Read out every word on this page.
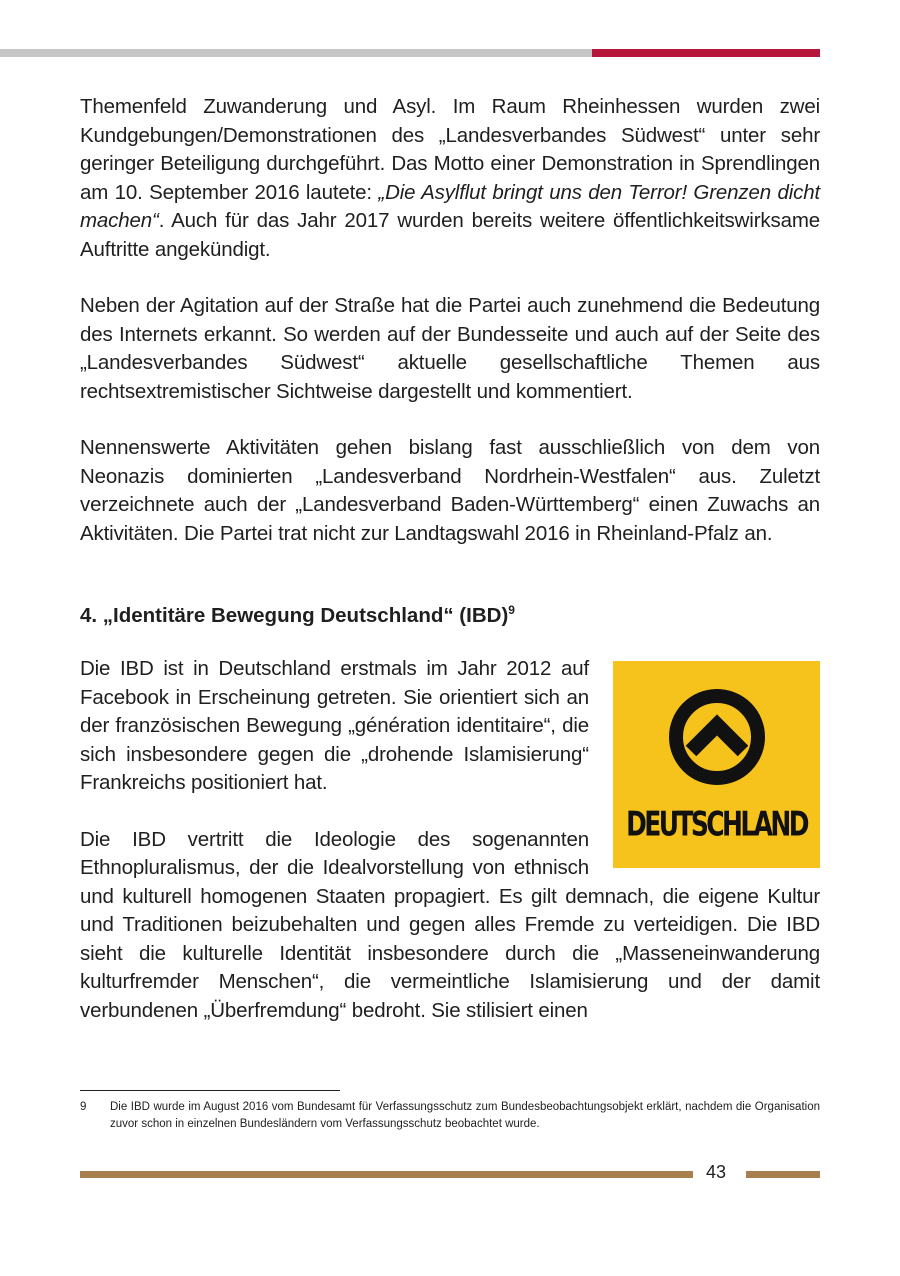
Themenfeld Zuwanderung und Asyl. Im Raum Rheinhessen wurden zwei Kundgebungen/Demonstrationen des „Landesverbandes Südwest“ unter sehr geringer Beteiligung durchgeführt. Das Motto einer Demonstration in Sprendlingen am 10. September 2016 lautete: „Die Asylflut bringt uns den Terror! Grenzen dicht machen“. Auch für das Jahr 2017 wurden bereits weitere öffentlichkeitswirksame Auftritte angekündigt.

Neben der Agitation auf der Straße hat die Partei auch zunehmend die Bedeutung des Internets erkannt. So werden auf der Bundesseite und auch auf der Seite des „Landesverbandes Südwest“ aktuelle gesellschaftliche Themen aus rechtsextremistischer Sichtweise dargestellt und kommentiert.

Nennenswerte Aktivitäten gehen bislang fast ausschließlich von dem von Neonazis dominierten „Landesverband Nordrhein-Westfalen“ aus. Zuletzt verzeichnete auch der „Landesverband Baden-Württemberg“ einen Zuwachs an Aktivitäten. Die Partei trat nicht zur Landtagswahl 2016 in Rheinland-Pfalz an.

4. „Identitäre Bewegung Deutschland“ (IBD)$^9$

DEUTSCHLAND
Die IBD ist in Deutschland erstmals im Jahr 2012 auf Facebook in Erscheinung getreten. Sie orientiert sich an der französischen Bewegung „génération identitaire“, die sich insbesondere gegen die „drohende Islamisierung“ Frankreichs positioniert hat.

Die IBD vertritt die Ideologie des sogenannten Ethnopluralismus, der die Idealvorstellung von ethnisch und kulturell homogenen Staaten propagiert. Es gilt demnach, die eigene Kultur und Traditionen beizubehalten und gegen alles Fremde zu verteidigen. Die IBD sieht die kulturelle Identität insbesondere durch die „Masseneinwanderung kulturfremder Menschen“, die vermeintliche Islamisierung und der damit verbundenen „Überfremdung“ bedroht. Sie stilisiert einen

9 Die IBD wurde im August 2016 vom Bundesamt für Verfassungsschutz zum Bundesbeobachtungsobjekt erklärt, nachdem die Organisation zuvor schon in einzelnen Bundesländern vom Verfassungsschutz beobachtet wurde.
43
